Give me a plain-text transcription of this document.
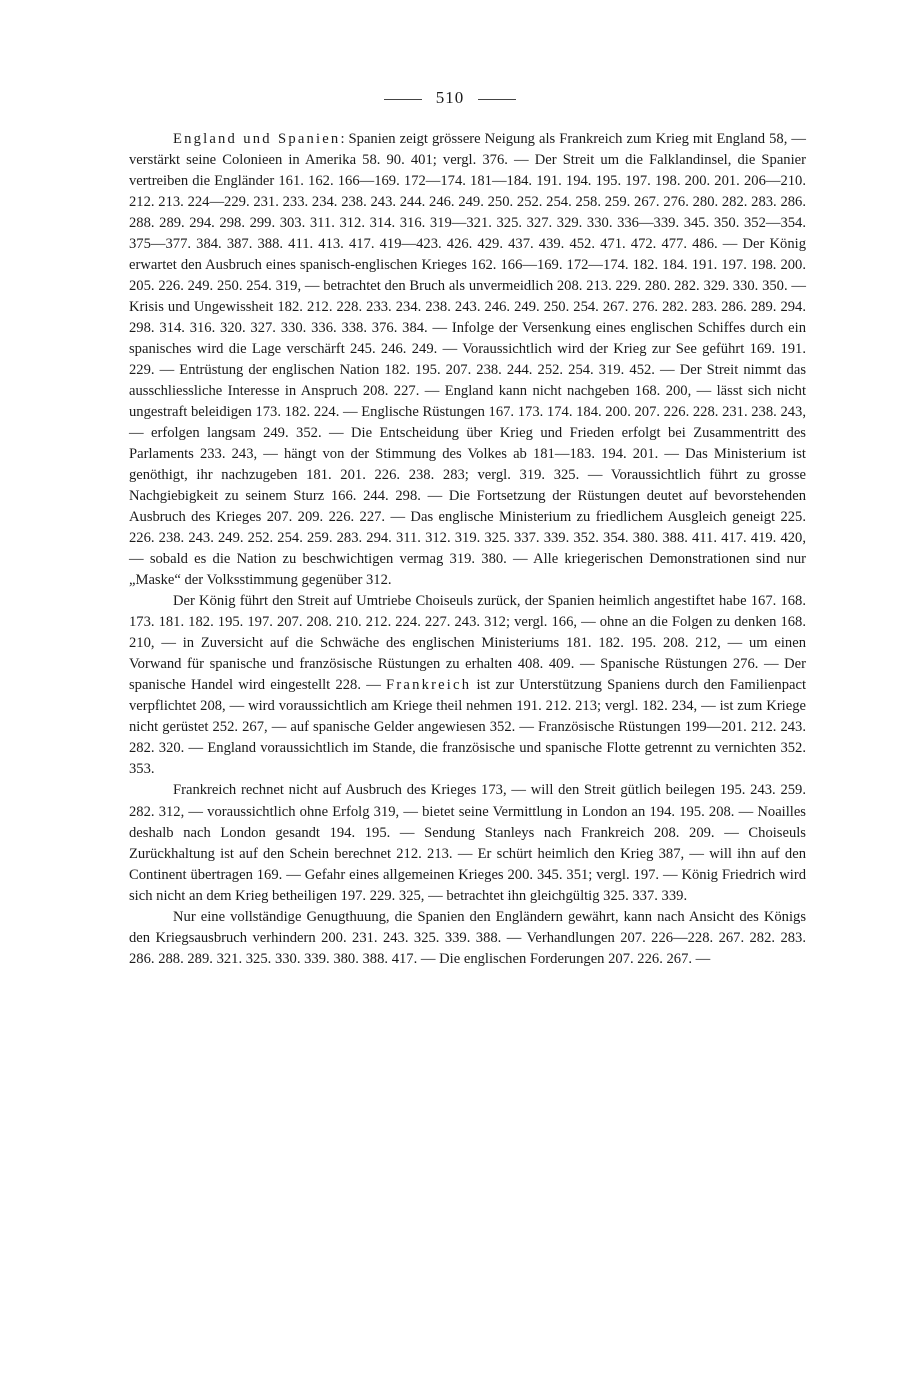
510

England und Spanien: Spanien zeigt grössere Neigung als Frankreich zum Krieg mit England 58, — verstärkt seine Colonieen in Amerika 58. 90. 401; vergl. 376. — Der Streit um die Falklandinsel, die Spanier vertreiben die Engländer 161. 162. 166—169. 172—174. 181—184. 191. 194. 195. 197. 198. 200. 201. 206—210. 212. 213. 224—229. 231. 233. 234. 238. 243. 244. 246. 249. 250. 252. 254. 258. 259. 267. 276. 280. 282. 283. 286. 288. 289. 294. 298. 299. 303. 311. 312. 314. 316. 319—321. 325. 327. 329. 330. 336—339. 345. 350. 352—354. 375—377. 384. 387. 388. 411. 413. 417. 419—423. 426. 429. 437. 439. 452. 471. 472. 477. 486. — Der König erwartet den Ausbruch eines spanisch-englischen Krieges 162. 166—169. 172—174. 182. 184. 191. 197. 198. 200. 205. 226. 249. 250. 254. 319, — betrachtet den Bruch als unvermeidlich 208. 213. 229. 280. 282. 329. 330. 350. — Krisis und Ungewissheit 182. 212. 228. 233. 234. 238. 243. 246. 249. 250. 254. 267. 276. 282. 283. 286. 289. 294. 298. 314. 316. 320. 327. 330. 336. 338. 376. 384. — Infolge der Versenkung eines englischen Schiffes durch ein spanisches wird die Lage verschärft 245. 246. 249. — Voraussichtlich wird der Krieg zur See geführt 169. 191. 229. — Entrüstung der englischen Nation 182. 195. 207. 238. 244. 252. 254. 319. 452. — Der Streit nimmt das ausschliessliche Interesse in Anspruch 208. 227. — England kann nicht nachgeben 168. 200, — lässt sich nicht ungestraft beleidigen 173. 182. 224. — Englische Rüstungen 167. 173. 174. 184. 200. 207. 226. 228. 231. 238. 243, — erfolgen langsam 249. 352. — Die Entscheidung über Krieg und Frieden erfolgt bei Zusammentritt des Parlaments 233. 243, — hängt von der Stimmung des Volkes ab 181—183. 194. 201. — Das Ministerium ist genöthigt, ihr nachzugeben 181. 201. 226. 238. 283; vergl. 319. 325. — Voraussichtlich führt zu grosse Nachgiebigkeit zu seinem Sturz 166. 244. 298. — Die Fortsetzung der Rüstungen deutet auf bevorstehenden Ausbruch des Krieges 207. 209. 226. 227. — Das englische Ministerium zu friedlichem Ausgleich geneigt 225. 226. 238. 243. 249. 252. 254. 259. 283. 294. 311. 312. 319. 325. 337. 339. 352. 354. 380. 388. 411. 417. 419. 420, — sobald es die Nation zu beschwichtigen vermag 319. 380. — Alle kriegerischen Demonstrationen sind nur „Maske“ der Volksstimmung gegenüber 312.

Der König führt den Streit auf Umtriebe Choiseuls zurück, der Spanien heimlich angestiftet habe 167. 168. 173. 181. 182. 195. 197. 207. 208. 210. 212. 224. 227. 243. 312; vergl. 166, — ohne an die Folgen zu denken 168. 210, — in Zuversicht auf die Schwäche des englischen Ministeriums 181. 182. 195. 208. 212, — um einen Vorwand für spanische und französische Rüstungen zu erhalten 408. 409. — Spanische Rüstungen 276. — Der spanische Handel wird eingestellt 228. — Frankreich ist zur Unterstützung Spaniens durch den Familienpact verpflichtet 208, — wird voraussichtlich am Kriege theil nehmen 191. 212. 213; vergl. 182. 234, — ist zum Kriege nicht gerüstet 252. 267, — auf spanische Gelder angewiesen 352. — Französische Rüstungen 199—201. 212. 243. 282. 320. — England voraussichtlich im Stande, die französische und spanische Flotte getrennt zu vernichten 352. 353.

Frankreich rechnet nicht auf Ausbruch des Krieges 173, — will den Streit gütlich beilegen 195. 243. 259. 282. 312, — voraussichtlich ohne Erfolg 319, — bietet seine Vermittlung in London an 194. 195. 208. — Noailles deshalb nach London gesandt 194. 195. — Sendung Stanleys nach Frankreich 208. 209. — Choiseuls Zurückhaltung ist auf den Schein berechnet 212. 213. — Er schürt heimlich den Krieg 387, — will ihn auf den Continent übertragen 169. — Gefahr eines allgemeinen Krieges 200. 345. 351; vergl. 197. — König Friedrich wird sich nicht an dem Krieg betheiligen 197. 229. 325, — betrachtet ihn gleichgültig 325. 337. 339.

Nur eine vollständige Genugthuung, die Spanien den Engländern gewährt, kann nach Ansicht des Königs den Kriegsausbruch verhindern 200. 231. 243. 325. 339. 388. — Verhandlungen 207. 226—228. 267. 282. 283. 286. 288. 289. 321. 325. 330. 339. 380. 388. 417. — Die englischen Forderungen 207. 226. 267. —
